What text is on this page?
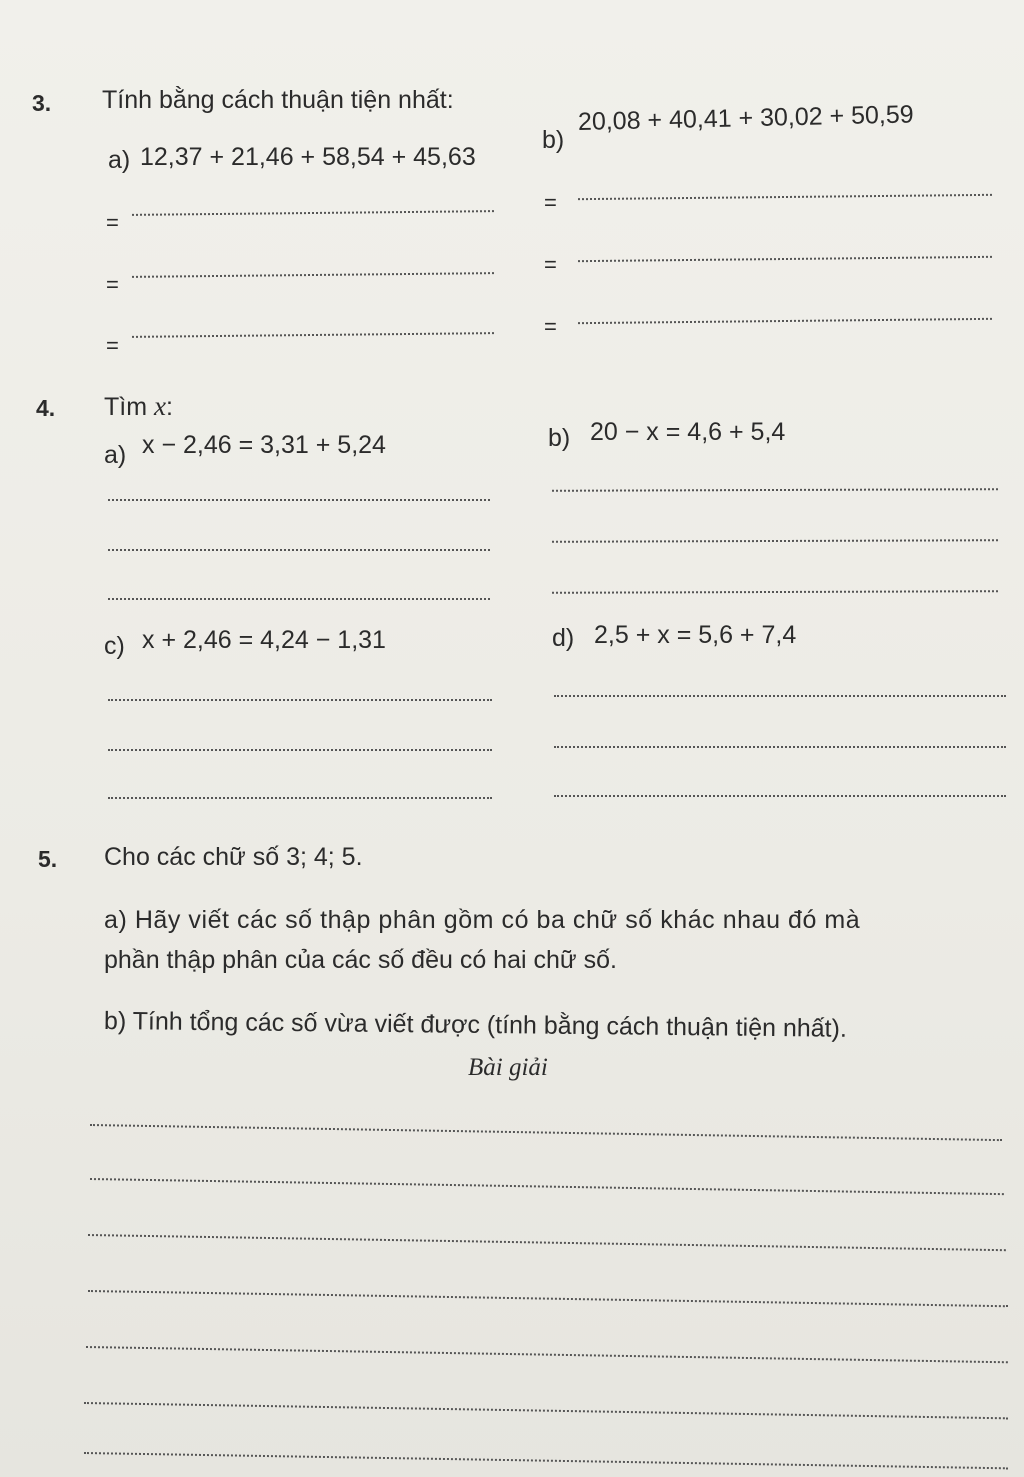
3. Tính bằng cách thuận tiện nhất:
a) 12,37 + 21,46 + 58,54 + 45,63
b)
20,08 + 40,41 + 30,02 + 50,59
=
=
=
=
=
=
4. Tìm x:
a) x − 2,46 = 3,31 + 5,24	b) 20 − x = 4,6 + 5,4
c) x + 2,46 = 4,24 − 1,31	d) 2,5 + x = 5,6 + 7,4
5. Cho các chữ số 3; 4; 5.
a) Hãy viết các số thập phân gồm có ba chữ số khác nhau đó mà
phần thập phân của các số đều có hai chữ số.
b) Tính tổng các số vừa viết được (tính bằng cách thuận tiện nhất).
Bài giải
